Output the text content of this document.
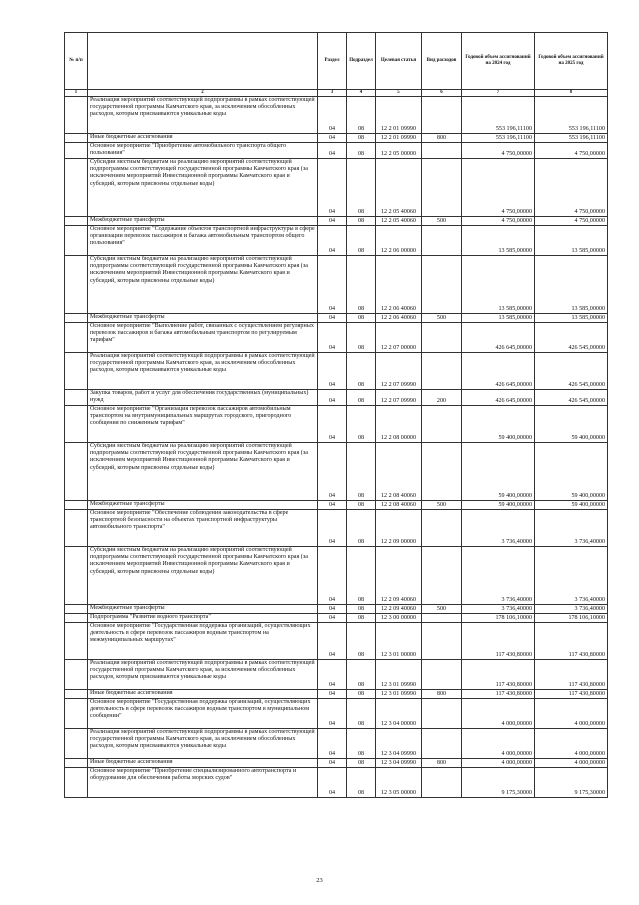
№ п/п		Раздел	Подраздел	Целевая статья	Вид расходов	Годовой объем ассигнований на 2024 год	Годовой объем ассигнований на 2025 год
1	2	3	4	5	6	7	8
	Реализация мероприятий соответствующей подпрограммы в рамках соответствующей государственной программы Камчатского края, за исключением обособленных расходов, которым присваиваются уникальные коды	04	08	12 2 01 09990		553 196,11100	553 196,11100
	Иные бюджетные ассигнования	04	08	12 2 01 09990	800	553 196,11100	553 196,11100
	Основное мероприятие "Приобретение автомобильного транспорта общего пользования"	04	08	12 2 05 00000		4 750,00000	4 750,00000
	Субсидии местным бюджетам на реализацию мероприятий соответствующей подпрограммы соответствующей государственной программы Камчатского края (за исключением мероприятий Инвестиционной программы Камчатского края и субсидий, которым присвоены отдельные коды)	04	08	12 2 05 40060		4 750,00000	4 750,00000
	Межбюджетные трансферты	04	08	12 2 05 40060	500	4 750,00000	4 750,00000
	Основное мероприятие "Содержание объектов транспортной инфраструктуры в сфере организации перевозок пассажиров и багажа автомобильным транспортом общего пользования"	04	08	12 2 06 00000		13 585,00000	13 585,00000
	Субсидии местным бюджетам на реализацию мероприятий соответствующей подпрограммы соответствующей государственной программы Камчатского края (за исключением мероприятий Инвестиционной программы Камчатского края и субсидий, которым присвоены отдельные коды)	04	08	12 2 06 40060		13 585,00000	13 585,00000
	Межбюджетные трансферты	04	08	12 2 06 40060	500	13 585,00000	13 585,00000
	Основное мероприятие "Выполнение работ, связанных с осуществлением регулярных перевозок пассажиров и багажа автомобильным транспортом по регулируемым тарифам"	04	08	12 2 07 00000		426 645,00000	426 545,00000
	Реализация мероприятий соответствующей подпрограммы в рамках соответствующей государственной программы Камчатского края, за исключением обособленных расходов, которым присваиваются уникальные коды	04	08	12 2 07 09990		426 645,00000	426 545,00000
	Закупка товаров, работ и услуг для обеспечения государственных (муниципальных) нужд	04	08	12 2 07 09990	200	426 645,00000	426 545,00000
	Основное мероприятие "Организация перевозок пассажиров автомобильным транспортом на внутримуниципальных маршрутах городского, пригородного сообщения по сниженным тарифам"	04	08	12 2 08 00000		59 400,00000	59 400,00000
	Субсидии местным бюджетам на реализацию мероприятий соответствующей подпрограммы соответствующей государственной программы Камчатского края (за исключением мероприятий Инвестиционной программы Камчатского края и субсидий, которым присвоены отдельные коды)	04	08	12 2 08 40060		59 400,00000	59 400,00000
	Межбюджетные трансферты	04	08	12 2 08 40060	500	59 400,00000	59 400,00000
	Основное мероприятие "Обеспечение соблюдения законодательства в сфере транспортной безопасности на объектах транспортной инфраструктуры автомобильного транспорта"	04	08	12 2 09 00000		3 736,40000	3 736,40000
	Субсидии местным бюджетам на реализацию мероприятий соответствующей подпрограммы соответствующей государственной программы Камчатского края (за исключением мероприятий Инвестиционной программы Камчатского края и субсидий, которым присвоены отдельные коды)	04	08	12 2 09 40060		3 736,40000	3 736,40000
	Межбюджетные трансферты	04	08	12 2 09 40060	500	3 736,40000	3 736,40000
	Подпрограмма "Развитие водного транспорта"	04	08	12 3 00 00000		178 106,10000	178 106,10000
	Основное мероприятие "Государственная поддержка организаций, осуществляющих деятельность в сфере перевозок пассажиров водным транспортом на межмуниципальных маршрутах"	04	08	12 3 01 00000		117 430,80000	117 430,80000
	Реализация мероприятий соответствующей подпрограммы в рамках соответствующей государственной программы Камчатского края, за исключением обособленных расходов, которым присваиваются уникальные коды	04	08	12 3 01 09990		117 430,80000	117 430,80000
	Иные бюджетные ассигнования	04	08	12 3 01 09990	800	117 430,80000	117 430,80000
	Основное мероприятие "Государственная поддержка организаций, осуществляющих деятельность в сфере перевозок пассажиров водным транспортом в муниципальном сообщении"	04	08	12 3 04 00000		4 000,00000	4 000,00000
	Реализация мероприятий соответствующей подпрограммы в рамках соответствующей государственной программы Камчатского края, за исключением обособленных расходов, которым присваиваются уникальные коды	04	08	12 3 04 09990		4 000,00000	4 000,00000
	Иные бюджетные ассигнования	04	08	12 3 04 09990	800	4 000,00000	4 000,00000
	Основное мероприятие "Приобретение специализированного автотранспорта и оборудования для обеспечения работы морских судов"	04	08	12 3 05 00000		9 175,30000	9 175,30000
23
